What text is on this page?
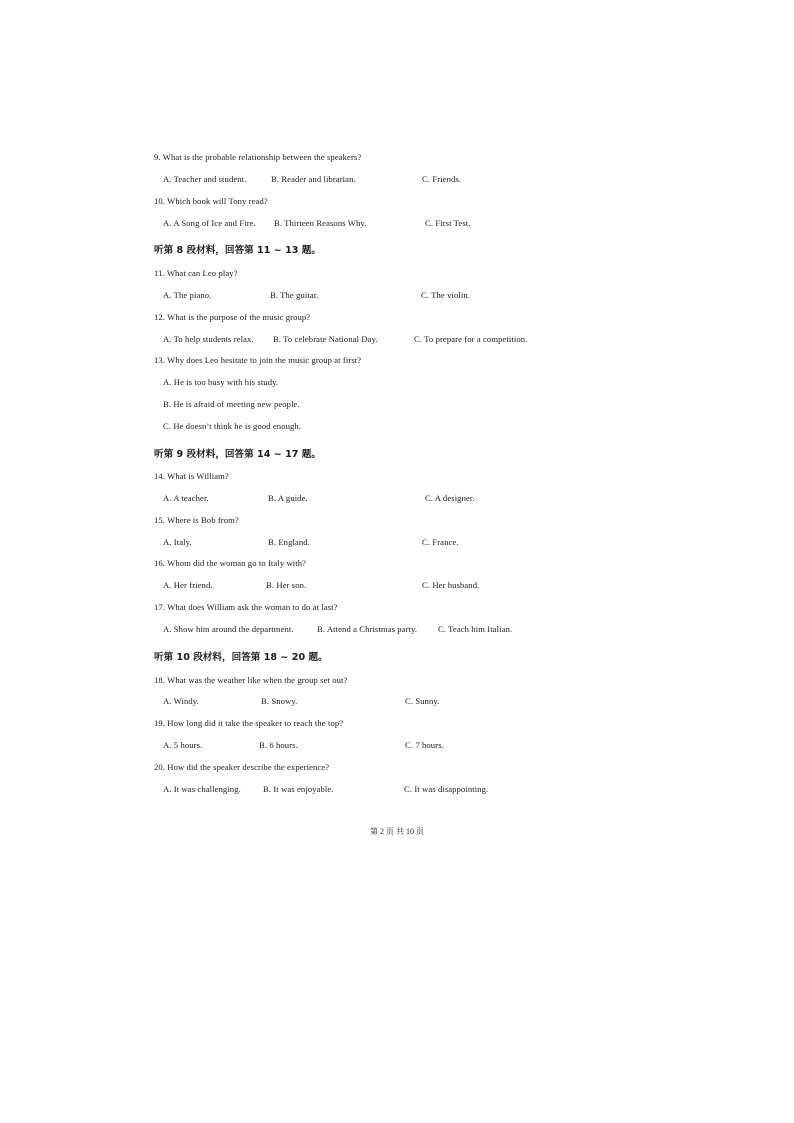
9. What is the probable relationship between the speakers?
A. Teacher and student.	B. Reader and librarian.	C. Friends.
10. Which book will Tony read?
A. A Song of Ice and Fire. B. Thirteen Reasons Why.	C. First Test.
听第 8 段材料，回答第 11 ~ 13 题。
11. What can Leo play?
A. The piano.	B. The guitar.	C. The violin.
12. What is the purpose of the music group?
A. To help students relax. B. To celebrate National Day.	C. To prepare for a competition.
13. Why does Leo hesitate to join the music group at first?
A. He is too busy with his study.
B. He is afraid of meeting new people.
C. He doesn’t think he is good enough.
听第 9 段材料，回答第 14 ~ 17 题。
14. What is William?
A. A teacher.	B. A guide.	C. A designer.
15. Where is Bob from?
A. Italy.	B. England.	C. France.
16. Whom did the woman go to Italy with?
A. Her friend.	B. Her son.	C. Her husband.
17. What does William ask the woman to do at last?
A. Show him around the department.	B. Attend a Christmas party. C. Teach him Italian.
听第 10 段材料，回答第 18 ~ 20 题。
18. What was the weather like when the group set out?
A. Windy.	B. Snowy.	C. Sunny.
19. How long did it take the speaker to reach the top?
A. 5 hours.	B. 6 hours.	C. 7 hours.
20. How did the speaker describe the experience?
A. It was challenging.	B. It was enjoyable.	C. It was disappointing.
第 2 页 共 10 页
